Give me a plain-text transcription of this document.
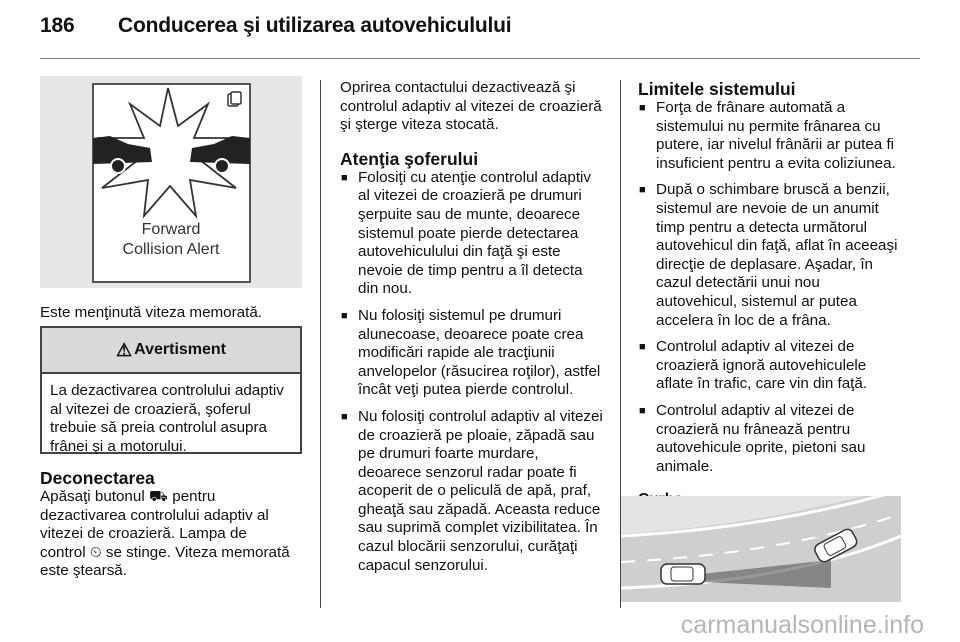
186 Conducerea şi utilizarea autovehiculului
Forward
Collision Alert

Este menţinută viteza memorată.

⚠ Avertisment
La dezactivarea controlului adaptiv al vitezei de croazieră, şoferul trebuie să preia controlul asupra frânei şi a motorului.
Deconectarea

Apăsaţi butonul ⛟ pentru

dezactivarea controlului adaptiv al

vitezei de croazieră. Lampa de

control ⏲ se stinge. Viteza memorată

este ştearsă.

Oprirea contactului dezactivează şi controlul adaptiv al vitezei de croazieră şi şterge viteza stocată.

Atenţia şoferului
■ Folosiţi cu atenţie controlul adaptiv al vitezei de croazieră pe drumuri şerpuite sau de munte, deoarece sistemul poate pierde detectarea autovehiculului din faţă şi este nevoie de timp pentru a îl detecta din nou.
■ Nu folosiţi sistemul pe drumuri alunecoase, deoarece poate crea modificări rapide ale tracţiunii anvelopelor (răsucirea roţilor), astfel încât veţi putea pierde controlul.
■ Nu folosiţi controlul adaptiv al vitezei de croazieră pe ploaie, zăpadă sau pe drumuri foarte murdare, deoarece senzorul radar poate fi acoperit de o peliculă de apă, praf, gheaţă sau zăpadă. Aceasta reduce sau suprimă complet vizibilitatea. În cazul blocării senzorului, curăţaţi capacul senzorului.
Limitele sistemului
■ Forţa de frânare automată a sistemului nu permite frânarea cu putere, iar nivelul frânării ar putea fi insuficient pentru a evita coliziunea.
■ După o schimbare bruscă a benzii, sistemul are nevoie de un anumit timp pentru a detecta următorul autovehicul din faţă, aflat în aceeaşi direcţie de deplasare. Aşadar, în cazul detectării unui nou autovehicul, sistemul ar putea accelera în loc de a frâna.
■ Controlul adaptiv al vitezei de croazieră ignoră autovehiculele aflate în trafic, care vin din faţă.
■ Controlul adaptiv al vitezei de croazieră nu frânează pentru autovehicule oprite, pietoni sau animale.
carmanualsonline.info
